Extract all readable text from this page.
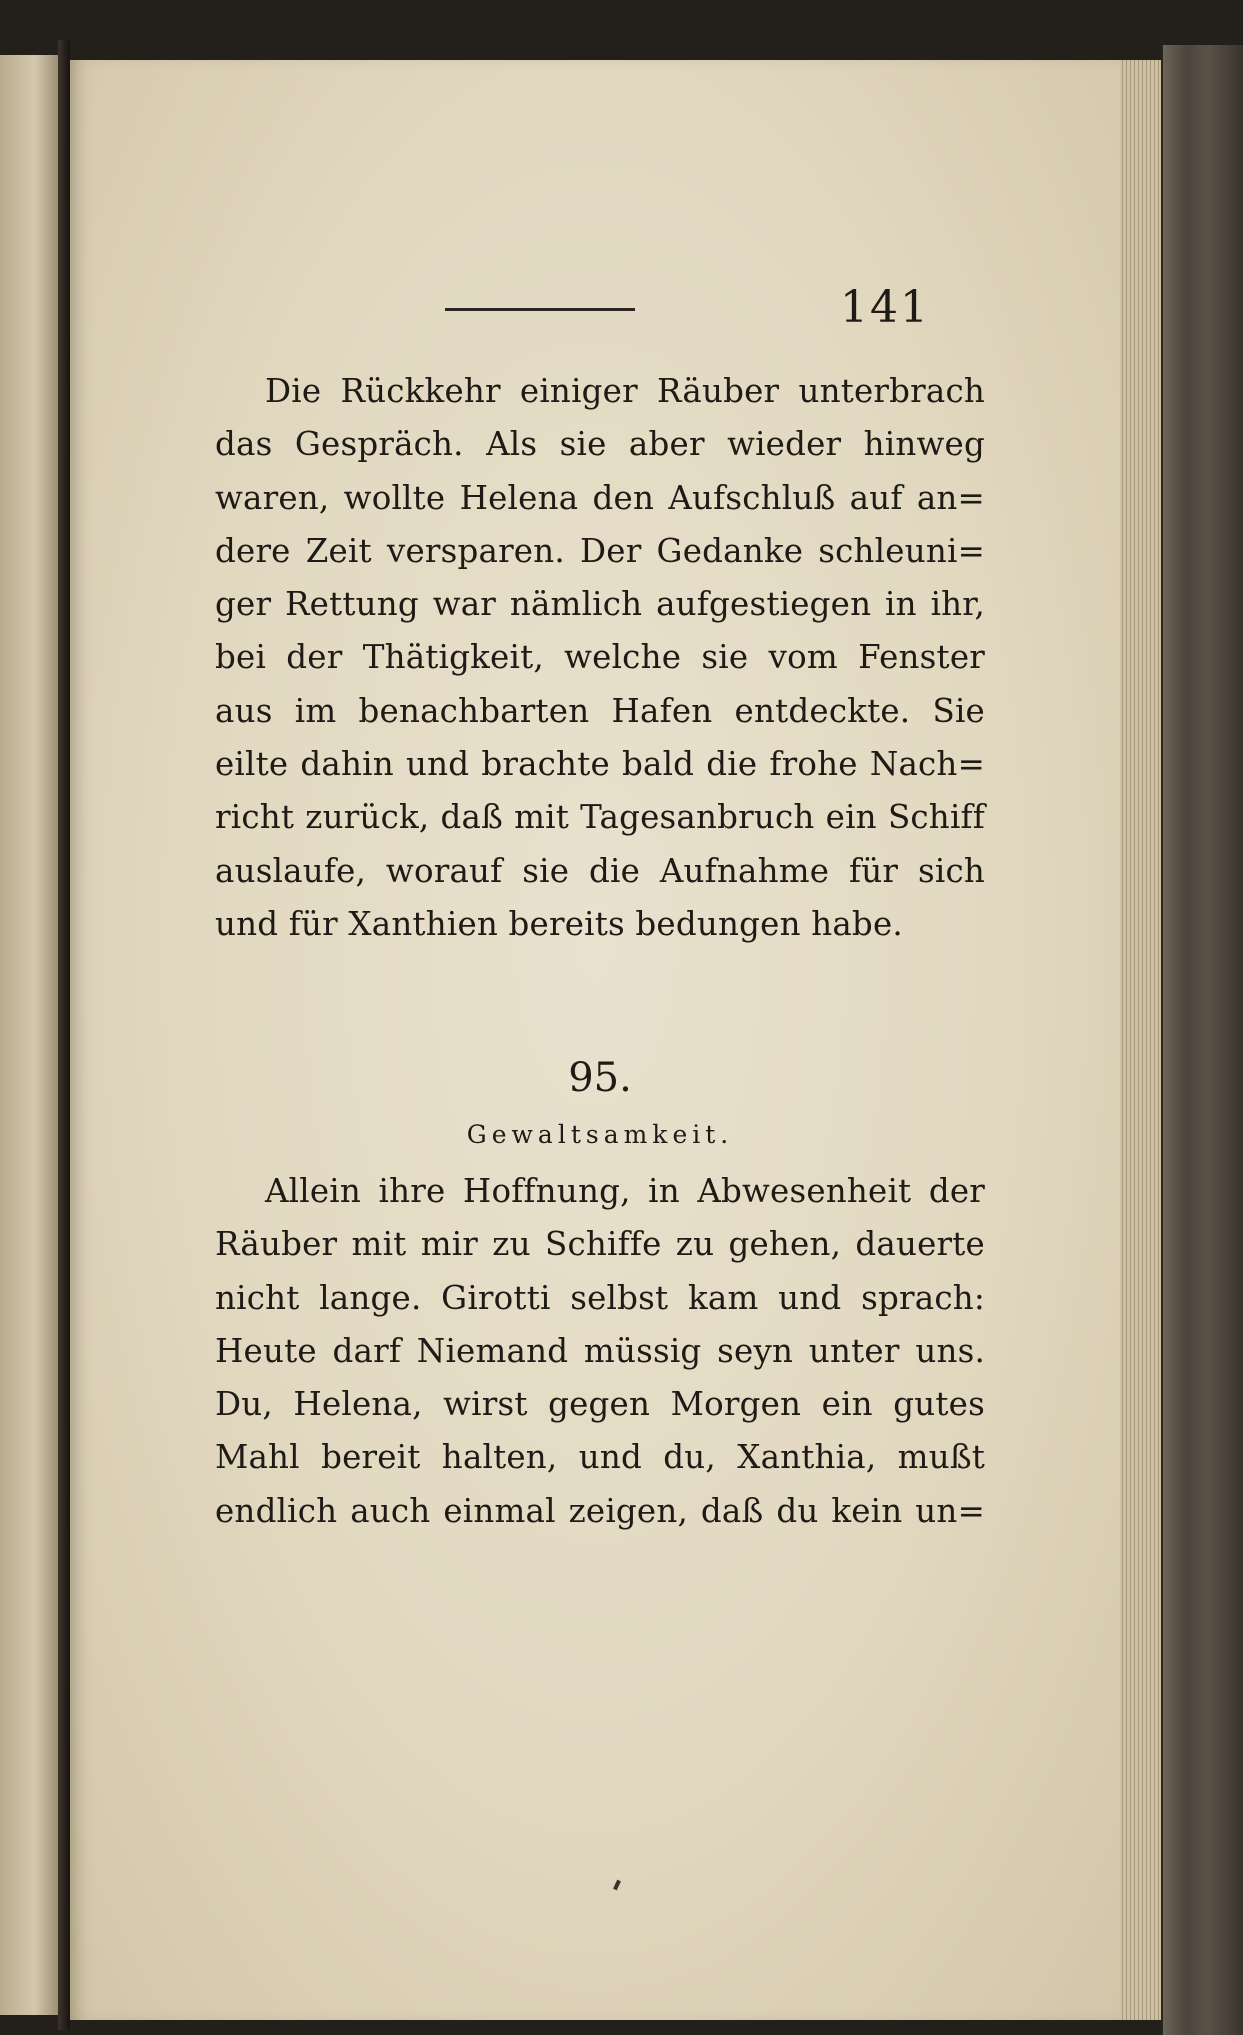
141
Die Rückkehr einiger Räuber unterbrach
das Gespräch. Als sie aber wieder hinweg
waren, wollte Helena den Aufschluß auf an=
dere Zeit versparen. Der Gedanke schleuni=
ger Rettung war nämlich aufgestiegen in ihr,
bei der Thätigkeit, welche sie vom Fenster
aus im benachbarten Hafen entdeckte. Sie
eilte dahin und brachte bald die frohe Nach=
richt zurück, daß mit Tagesanbruch ein Schiff
auslaufe, worauf sie die Aufnahme für sich
und für Xanthien bereits bedungen habe.
95.
Gewaltsamkeit.
Allein ihre Hoffnung, in Abwesenheit der
Räuber mit mir zu Schiffe zu gehen, dauerte
nicht lange. Girotti selbst kam und sprach:
Heute darf Niemand müssig seyn unter uns.
Du, Helena, wirst gegen Morgen ein gutes
Mahl bereit halten, und du, Xanthia, mußt
endlich auch einmal zeigen, daß du kein un=
